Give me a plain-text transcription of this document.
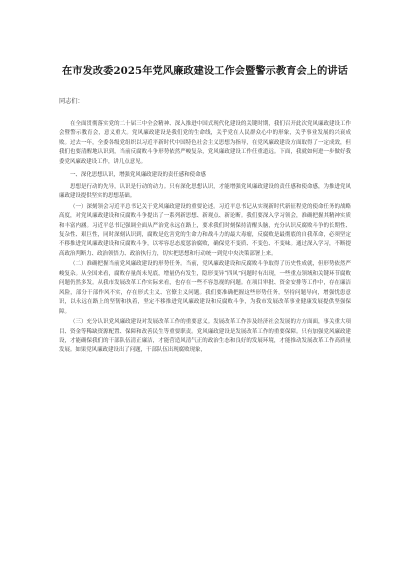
在市发改委2025年党风廉政建设工作会暨警示教育会上的讲话
同志们：

在全面贯彻落实党的二十届三中全会精神、深入推进中国式现代化建设的关键时期，我们召开此次党风廉政建设工作会暨警示教育会，意义重大。党风廉政建设是我们党的生命线，关乎党在人民群众心中的形象，关乎事业发展的兴衰成败。过去一年，全委各级党组织以习近平新时代中国特色社会主义思想为指导，在党风廉政建设方面取得了一定成效，但我们也要清醒地认识到，当前反腐败斗争形势依然严峻复杂，党风廉政建设工作任重道远。下面，我就如何进一步做好我委党风廉政建设工作，讲几点意见。

一、深化思想认识，增强党风廉政建设的责任感和使命感

思想是行动的先导，认识是行动的动力。只有深化思想认识，才能增强党风廉政建设的责任感和使命感，为推进党风廉政建设提供坚实的思想基础。

（一）深刻领会习近平总书记关于党风廉政建设的重要论述。习近平总书记从实现新时代新征程党的使命任务的战略高度，对党风廉政建设和反腐败斗争提出了一系列新思想、新观点、新论断。我们要深入学习领会，准确把握其精神实质和丰富内涵。习近平总书记强调全面从严治党永远在路上，要求我们时刻保持清醒头脑，充分认识反腐败斗争的长期性、复杂性、艰巨性，同时深刻认识到，腐败是危害党的生命力和战斗力的最大毒瘤，反腐败是最彻底的自我革命，必须坚定不移推进党风廉政建设和反腐败斗争，以零容忍态度惩治腐败，确保党不变质、不变色、不变味。通过深入学习，不断提高政治判断力、政治领悟力、政治执行力，切实把思想和行动统一到党中央决策部署上来。

（二）准确把握当前党风廉政建设的形势任务。当前，党风廉政建设和反腐败斗争取得了历史性成就，但形势依然严峻复杂。从全国来看，腐败存量尚未见底，增量仍有发生，隐形变异“四风”问题时有出现，一些重点领域和关键环节腐败问题仍然多发。从我市发展改革工作实际来看，也存在一些不容忽视的问题。在项目审批、资金安排等工作中，存在廉洁风险，部分干部作风不实，存在形式主义、官僚主义问题。我们要准确把握这些形势任务，坚持问题导向，增强忧患意识，以永远在路上的坚韧和执着，坚定不移推进党风廉政建设和反腐败斗争，为我市发展改革事业健康发展提供坚强保障。

（三）充分认识党风廉政建设对发展改革工作的重要意义。发展改革工作涉及经济社会发展的方方面面，事关重大项目、资金等稀缺资源配置、保障和改善民生等重要职责。党风廉政建设是发展改革工作的重要保障。只有加强党风廉政建设，才能确保我们的干部队伍清正廉洁，才能营造风清气正的政治生态和良好的发展环境，才能推动发展改革工作高质量发展。如果党风廉政建设出了问题，干部队伍出现腐败现象，
